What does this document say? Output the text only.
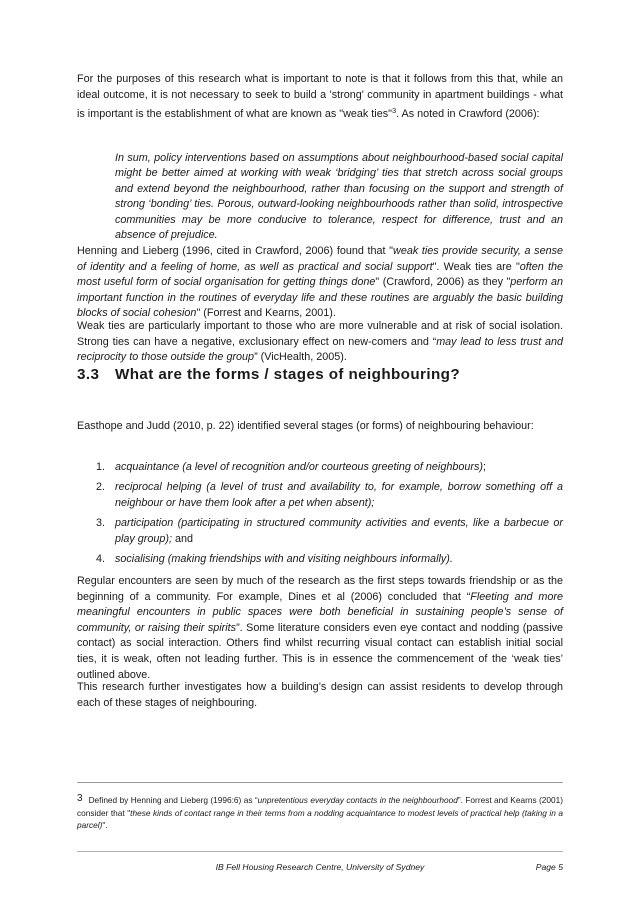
For the purposes of this research what is important to note is that it follows from this that, while an ideal outcome, it is not necessary to seek to build a 'strong' community in apartment buildings - what is important is the establishment of what are known as "weak ties"$^3$. As noted in Crawford (2006):

In sum, policy interventions based on assumptions about neighbourhood-based social capital might be better aimed at working with weak ‘bridging’ ties that stretch across social groups and extend beyond the neighbourhood, rather than focusing on the support and strength of strong ‘bonding’ ties. Porous, outward-looking neighbourhoods rather than solid, introspective communities may be more conducive to tolerance, respect for difference, trust and an absence of prejudice.

Henning and Lieberg (1996, cited in Crawford, 2006) found that "weak ties provide security, a sense of identity and a feeling of home, as well as practical and social support". Weak ties are "often the most useful form of social organisation for getting things done" (Crawford, 2006) as they "perform an important function in the routines of everyday life and these routines are arguably the basic building blocks of social cohesion" (Forrest and Kearns, 2001).

Weak ties are particularly important to those who are more vulnerable and at risk of social isolation. Strong ties can have a negative, exclusionary effect on new-comers and “may lead to less trust and reciprocity to those outside the group” (VicHealth, 2005).

3.3 What are the forms / stages of neighbouring?

Easthope and Judd (2010, p. 22) identified several stages (or forms) of neighbouring behaviour:

1. acquaintance (a level of recognition and/or courteous greeting of neighbours);
2. reciprocal helping (a level of trust and availability to, for example, borrow something off a neighbour or have them look after a pet when absent);
3. participation (participating in structured community activities and events, like a barbecue or play group); and
4. socialising (making friendships with and visiting neighbours informally).

Regular encounters are seen by much of the research as the first steps towards friendship or as the beginning of a community. For example, Dines et al (2006) concluded that “Fleeting and more meaningful encounters in public spaces were both beneficial in sustaining people’s sense of community, or raising their spirits”. Some literature considers even eye contact and nodding (passive contact) as social interaction. Others find whilst recurring visual contact can establish initial social ties, it is weak, often not leading further. This is in essence the commencement of the ‘weak ties’ outlined above.

This research further investigates how a building’s design can assist residents to develop through each of these stages of neighbouring.

$^3$ Defined by Henning and Lieberg (1996:6) as “unpretentious everyday contacts in the neighbourhood”. Forrest and Kearns (2001) consider that "these kinds of contact range in their terms from a nodding acquaintance to modest levels of practical help (taking in a parcel)".

IB Fell Housing Research Centre, University of Sydney	Page 5
